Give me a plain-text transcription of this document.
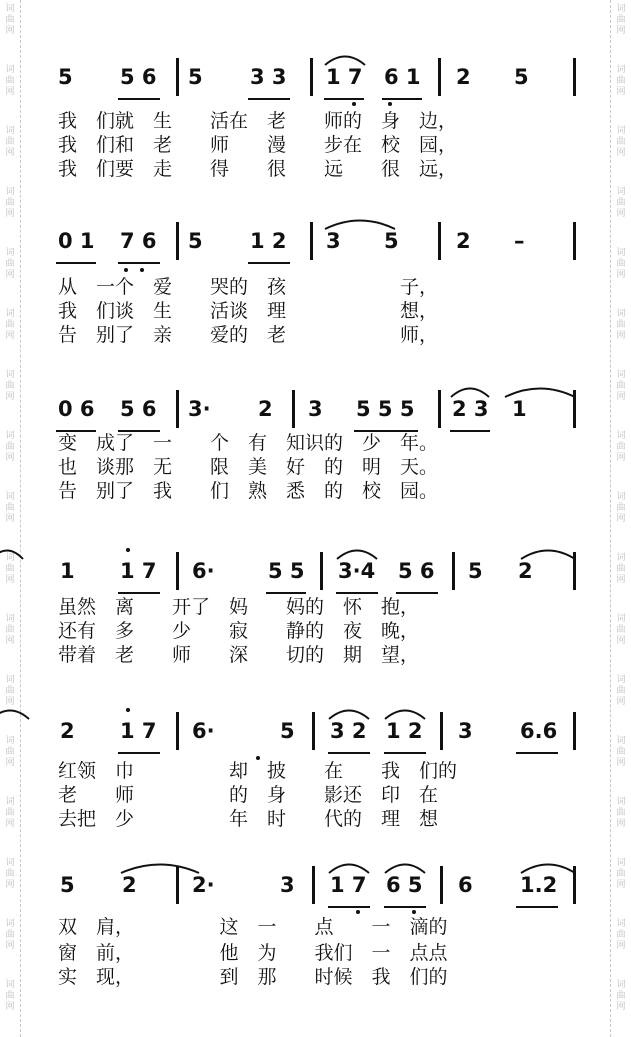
词
曲
网
词
曲
网
词
曲
网
词
曲
网
词
曲
网
词
曲
网
词
曲
网
词
曲
网
词
曲
网
词
曲
网
词
曲
网
词
曲
网
词
曲
网
词
曲
网
词
曲
网
词
曲
网
词
曲
网
词
曲
网
词
曲
网
词
曲
网
词
曲
网
词
曲
网
词
曲
网
词
曲
网
词
曲
网
词
曲
网
词
曲
网
词
曲
网
词
曲
网
词
曲
网
词
曲
网
词
曲
网
词
曲
网
词
曲
网
5 5 6 5 3 3 1 7 6 1 2 5
我　们就　生　　活在　老　　师的　身　边，
我　们和　老　　师　　漫　　步在　校　园，
我　们要　走　　得　　很　　远　　很　远，
0 1 7 6 5 1 2 3 5	2 –
从　一个　爱　　哭的　孩　　　　　　子，
我　们谈　生　　活谈　理　　　　　　想，
告　别了　亲　　爱的　老　　　　　　师，
0 6 5 6 3· 2 3 5 5 5 2 3 1
变　成了　一　　个　有　知识的　少　年。
也　谈那　无　　限　美　好　的　明　天。
告　别了　我　　们　熟　悉　的　校　园。
1 1 7 6·	5 5 3·4 5 6 5 2
虽然　离　　开了　妈　　妈的　怀　抱，
还有　多　　少　　寂　　静的　夜　晚，
带着　老　　师　　深　　切的　期　望，
2 1 7 6·	5 3 2 1 2 3 6.6
红领　巾　　　　　却　披　　在　　我　们的
老　　师　　　　　的　身　　影还　印　在
去把　少　　　　　年　时　　代的　理　想
5 2	2·	3 1 7 6 5 6 1.2
双　肩，　　　　　这　一　　点　　一　滴的
窗　前，　　　　　他　为　　我们　一　点点
实　现，　　　　　到　那　　时候　我　们的
